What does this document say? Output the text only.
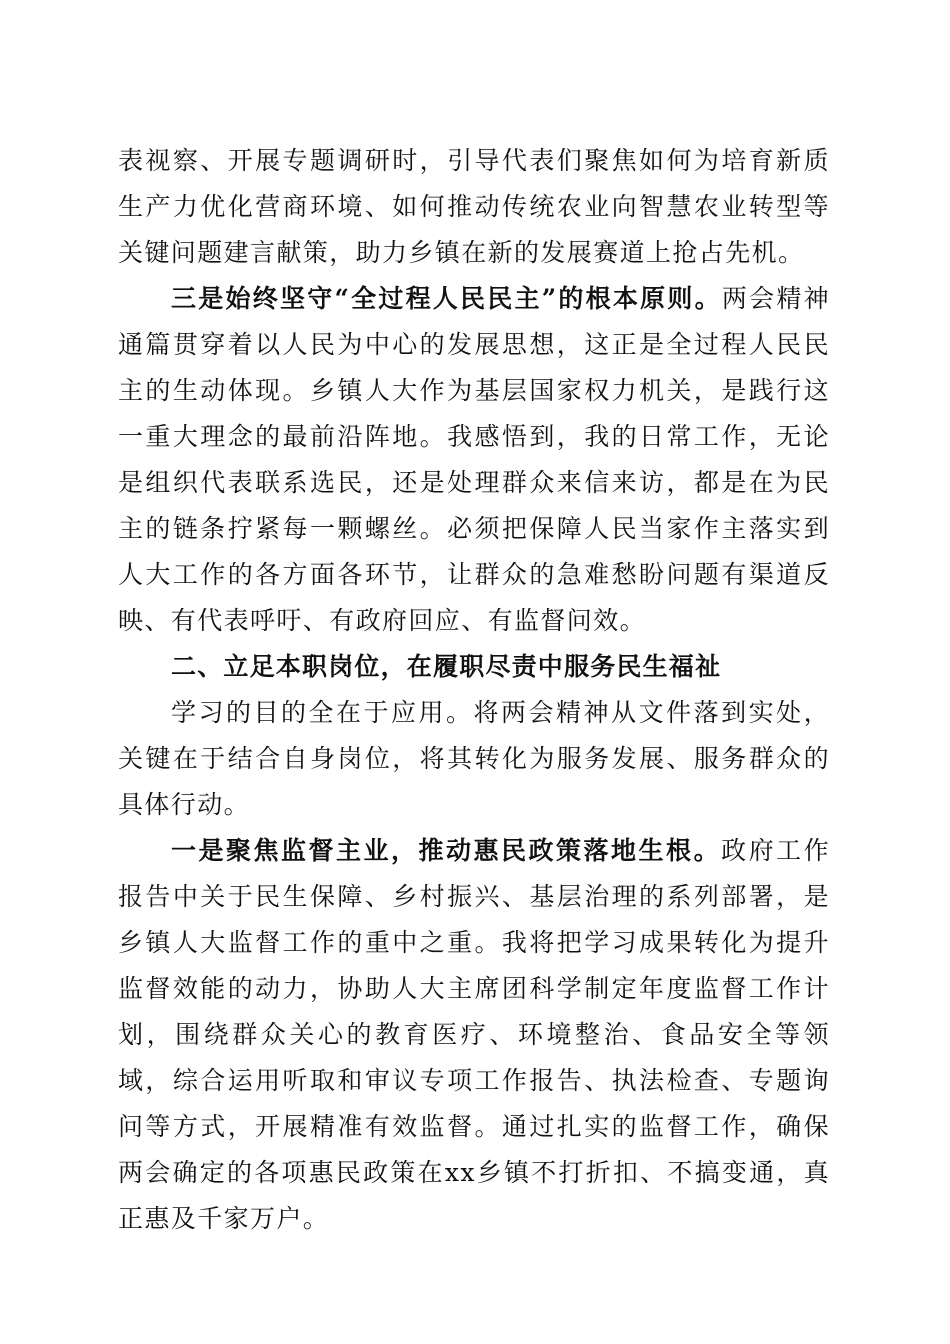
表视察、开展专题调研时，引导代表们聚焦如何为培育新质生产力优化营商环境、如何推动传统农业向智慧农业转型等关键问题建言献策，助力乡镇在新的发展赛道上抢占先机。

三是始终坚守“全过程人民民主”的根本原则。两会精神通篇贯穿着以人民为中心的发展思想，这正是全过程人民民主的生动体现。乡镇人大作为基层国家权力机关，是践行这一重大理念的最前沿阵地。我感悟到，我的日常工作，无论是组织代表联系选民，还是处理群众来信来访，都是在为民主的链条拧紧每一颗螺丝。必须把保障人民当家作主落实到人大工作的各方面各环节，让群众的急难愁盼问题有渠道反映、有代表呼吁、有政府回应、有监督问效。

二、立足本职岗位，在履职尽责中服务民生福祉

学习的目的全在于应用。将两会精神从文件落到实处，关键在于结合自身岗位，将其转化为服务发展、服务群众的具体行动。

一是聚焦监督主业，推动惠民政策落地生根。政府工作报告中关于民生保障、乡村振兴、基层治理的系列部署，是乡镇人大监督工作的重中之重。我将把学习成果转化为提升监督效能的动力，协助人大主席团科学制定年度监督工作计划，围绕群众关心的教育医疗、环境整治、食品安全等领域，综合运用听取和审议专项工作报告、执法检查、专题询问等方式，开展精准有效监督。通过扎实的监督工作，确保两会确定的各项惠民政策在xx乡镇不打折扣、不搞变通，真正惠及千家万户。
